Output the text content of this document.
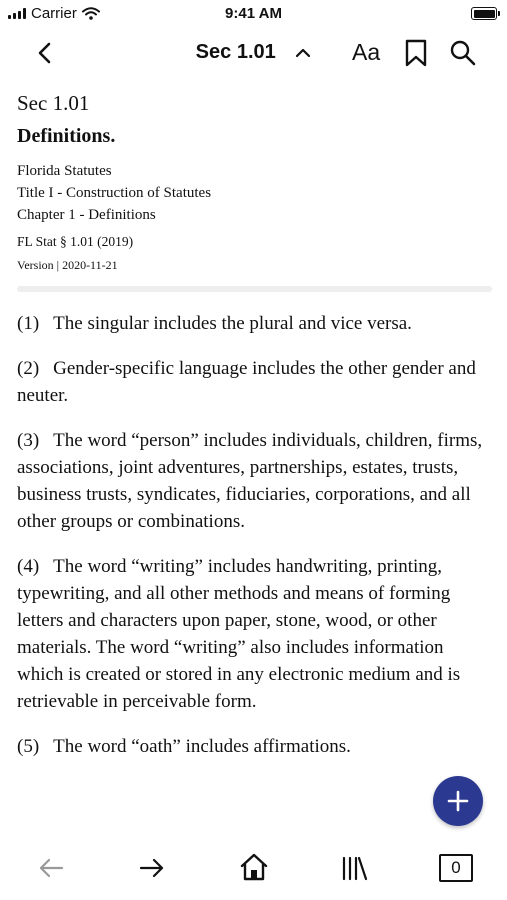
Carrier	9:41 AM
Sec 1.01	Aa
Sec 1.01
Definitions.
Florida Statutes
Title I - Construction of Statutes
Chapter 1 - Definitions
FL Stat § 1.01 (2019)
Version | 2020-11-21

(1) The singular includes the plural and vice versa.

(2) Gender-specific language includes the other gender and neuter.

(3) The word “person” includes individuals, children, firms, associations, joint adventures, partnerships, estates, trusts, business trusts, syndicates, fiduciaries, corporations, and all other groups or combinations.

(4) The word “writing” includes handwriting, printing, typewriting, and all other methods and means of forming letters and characters upon paper, stone, wood, or other materials. The word “writing” also includes information which is created or stored in any electronic medium and is retrievable in perceivable form.

(5) The word “oath” includes affirmations.

0
